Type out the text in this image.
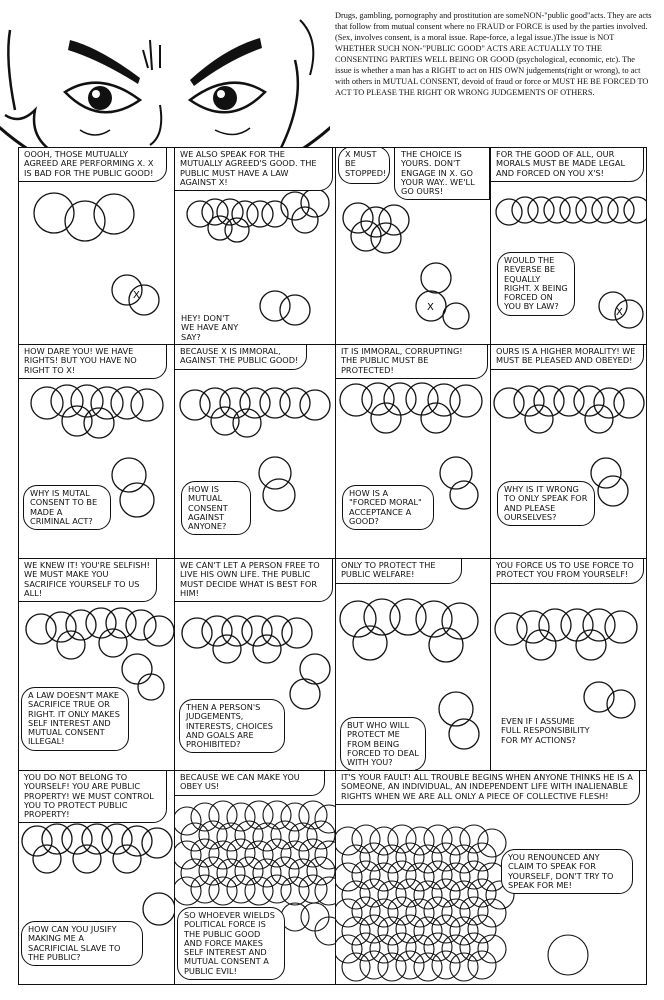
Drugs, gambling, pornography and prostitution are someNON-"public good"acts. They are acts that follow from mutual consent where no FRAUD or FORCE is used by the parties involved. (Sex, involves consent, is a moral issue. Rape-force, a legal issue.)The issue is NOT WHETHER SUCH NON-"PUBLIC GOOD" ACTS ARE ACTUALLY TO THE CONSENTING PARTIES WELL BEING OR GOOD (psychological, economic, etc). The issue is whether a man has a RIGHT to act on HIS OWN judgements(right or wrong), to act with others in MUTUAL CONSENT, devoid of fraud or force or MUST HE BE FORCED TO ACT TO PLEASE THE RIGHT OR WRONG JUDGEMENTS OF OTHERS.
OOOH, THOSE MUTUALLY AGREED ARE PERFORMING X. X IS BAD FOR THE PUBLIC GOOD!
X
WE ALSO SPEAK FOR THE MUTUALLY AGREED'S GOOD. THE PUBLIC MUST HAVE A LAW AGAINST X!
HEY! DON'T WE HAVE ANY SAY?
X MUST BE STOPPED!
THE CHOICE IS YOURS. DON'T ENGAGE IN X. GO YOUR WAY.. WE'LL GO OURS!
X
FOR THE GOOD OF ALL, OUR MORALS MUST BE MADE LEGAL AND FORCED ON YOU X'S!
X
WOULD THE REVERSE BE EQUALLY RIGHT. X BEING FORCED ON YOU BY LAW?
HOW DARE YOU! WE HAVE RIGHTS! BUT YOU HAVE NO RIGHT TO X!
WHY IS MUTAL CONSENT TO BE MADE A CRIMINAL ACT?
BECAUSE X IS IMMORAL, AGAINST THE PUBLIC GOOD!
HOW IS MUTUAL CONSENT AGAINST ANYONE?
IT IS IMMORAL, CORRUPTING! THE PUBLIC MUST BE PROTECTED!
HOW IS A "FORCED MORAL" ACCEPTANCE A GOOD?
OURS IS A HIGHER MORALITY! WE MUST BE PLEASED AND OBEYED!
WHY IS IT WRONG TO ONLY SPEAK FOR AND PLEASE OURSELVES?
WE KNEW IT! YOU'RE SELFISH! WE MUST MAKE YOU SACRIFICE YOURSELF TO US ALL!
A LAW DOESN'T MAKE SACRIFICE TRUE OR RIGHT. IT ONLY MAKES SELF INTEREST AND MUTUAL CONSENT ILLEGAL!
WE CAN'T LET A PERSON FREE TO LIVE HIS OWN LIFE. THE PUBLIC MUST DECIDE WHAT IS BEST FOR HIM!
THEN A PERSON'S JUDGEMENTS, INTERESTS, CHOICES AND GOALS ARE PROHIBITED?
ONLY TO PROTECT THE PUBLIC WELFARE!
BUT WHO WILL PROTECT ME FROM BEING FORCED TO DEAL WITH YOU?
YOU FORCE US TO USE FORCE TO PROTECT YOU FROM YOURSELF!
EVEN IF I ASSUME FULL RESPONSIBILITY FOR MY ACTIONS?
YOU DO NOT BELONG TO YOURSELF! YOU ARE PUBLIC PROPERTY! WE MUST CONTROL YOU TO PROTECT PUBLIC PROPERTY!
HOW CAN YOU JUSIFY MAKING ME A SACRIFICIAL SLAVE TO THE PUBLIC?
BECAUSE WE CAN MAKE YOU OBEY US!
SO WHOEVER WIELDS POLITICAL FORCE IS THE PUBLIC GOOD AND FORCE MAKES SELF INTEREST AND MUTUAL CONSENT A PUBLIC EVIL!
IT'S YOUR FAULT! ALL TROUBLE BEGINS WHEN ANYONE THINKS HE IS A SOMEONE, AN INDIVIDUAL, AN INDEPENDENT LIFE WITH INALIENABLE RIGHTS WHEN WE ARE ALL ONLY A PIECE OF COLLECTIVE FLESH!
YOU RENOUNCED ANY CLAIM TO SPEAK FOR YOURSELF, DON'T TRY TO SPEAK FOR ME!
